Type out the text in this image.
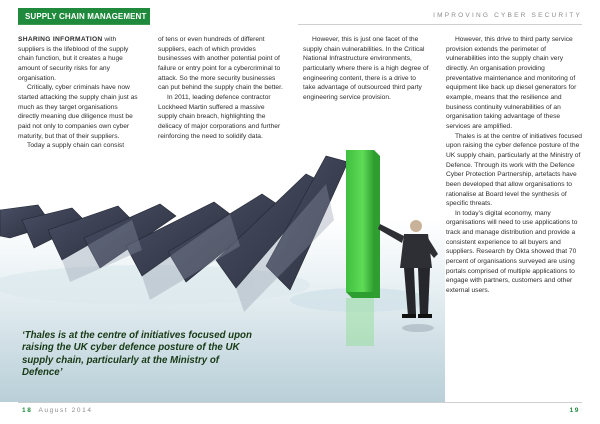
SUPPLY CHAIN MANAGEMENT	IMPROVING CYBER SECURITY

SHARING INFORMATION with suppliers is the lifeblood of the supply chain function, but it creates a huge amount of security risks for any organisation.

Critically, cyber criminals have now started attacking the supply chain just as much as they target organisations directly meaning due diligence must be paid not only to companies own cyber maturity, but that of their suppliers.

Today a supply chain can consist

of tens or even hundreds of different suppliers, each of which provides businesses with another potential point of failure or entry point for a cybercriminal to attack. So the more security businesses can put behind the supply chain the better.

In 2011, leading defence contractor Lockheed Martin suffered a massive supply chain breach, highlighting the delicacy of major corporations and further reinforcing the need to solidify data.

However, this is just one facet of the supply chain vulnerabilities. In the Critical National Infrastructure environments, particularly where there is a high degree of engineering content, there is a drive to take advantage of outsourced third party engineering service provision.

However, this drive to third party service provision extends the perimeter of vulnerabilities into the supply chain very directly. An organisation providing preventative maintenance and monitoring of equipment like back up diesel generators for example, means that the resilience and business continuity vulnerabilities of an organisation taking advantage of these services are amplified.

Thales is at the centre of initiatives focused upon raising the cyber defence posture of the UK supply chain, particularly at the Ministry of Defence. Through its work with the Defence Cyber Protection Partnership, artefacts have been developed that allow organisations to rationalise at Board level the synthesis of specific threats.

In today’s digital economy, many organisations will need to use applications to track and manage distribution and provide a consistent experience to all buyers and suppliers. Research by Okta showed that 70 percent of organisations surveyed are using portals comprised of multiple applications to engage with partners, customers and other external users.

‘Thales is at the centre of initiatives focused upon raising the UK cyber defence posture of the UK supply chain, particularly at the Ministry of Defence’
18 August 2014	19
